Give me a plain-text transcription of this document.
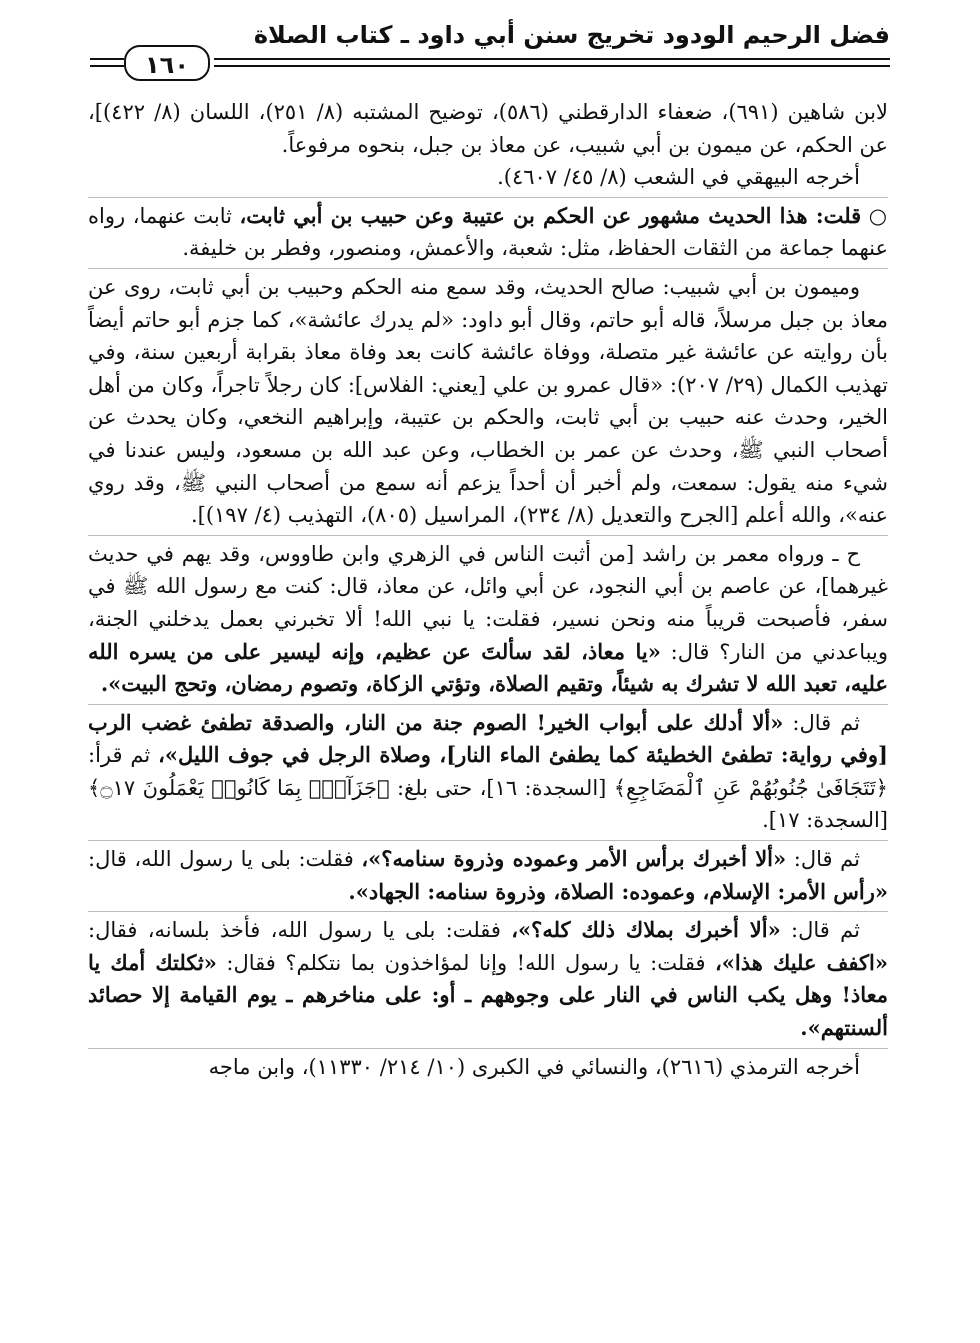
فضل الرحيم الودود تخريج سنن أبي داود ـ كتاب الصلاة
١٦٠

لابن شاهين (٦٩١)، ضعفاء الدارقطني (٥٨٦)، توضيح المشتبه (٨/ ٢٥١)، اللسان (٨/ ٤٢٢)]، عن الحكم، عن ميمون بن أبي شبيب، عن معاذ بن جبل، بنحوه مرفوعاً.

أخرجه البيهقي في الشعب (٨/ ٤٥/ ٤٦٠٧).

○ قلت: هذا الحديث مشهور عن الحكم بن عتيبة وعن حبيب بن أبي ثابت، ثابت عنهما، رواه عنهما جماعة من الثقات الحفاظ، مثل: شعبة، والأعمش، ومنصور، وفطر بن خليفة.

وميمون بن أبي شبيب: صالح الحديث، وقد سمع منه الحكم وحبيب بن أبي ثابت، روى عن معاذ بن جبل مرسلاً، قاله أبو حاتم، وقال أبو داود: «لم يدرك عائشة»، كما جزم أبو حاتم أيضاً بأن روايته عن عائشة غير متصلة، ووفاة عائشة كانت بعد وفاة معاذ بقرابة أربعين سنة، وفي تهذيب الكمال (٢٩/ ٢٠٧): «قال عمرو بن علي [يعني: الفلاس]: كان رجلاً تاجراً، وكان من أهل الخير، وحدث عنه حبيب بن أبي ثابت، والحكم بن عتيبة، وإبراهيم النخعي، وكان يحدث عن أصحاب النبي ﷺ، وحدث عن عمر بن الخطاب، وعن عبد الله بن مسعود، وليس عندنا في شيء منه يقول: سمعت، ولم أخبر أن أحداً يزعم أنه سمع من أصحاب النبي ﷺ، وقد روي عنه»، والله أعلم [الجرح والتعديل (٨/ ٢٣٤)، المراسيل (٨٠٥)، التهذيب (٤/ ١٩٧)].

ح ـ ورواه معمر بن راشد [من أثبت الناس في الزهري وابن طاووس، وقد يهم في حديث غيرهما]، عن عاصم بن أبي النجود، عن أبي وائل، عن معاذ، قال: كنت مع رسول الله ﷺ في سفر، فأصبحت قريباً منه ونحن نسير، فقلت: يا نبي الله! ألا تخبرني بعمل يدخلني الجنة، ويباعدني من النار؟ قال: «يا معاذ، لقد سألتَ عن عظيم، وإنه ليسير على من يسره الله عليه، تعبد الله لا تشرك به شيئاً، وتقيم الصلاة، وتؤتي الزكاة، وتصوم رمضان، وتحج البيت».

ثم قال: «ألا أدلك على أبواب الخير! الصوم جنة من النار، والصدقة تطفئ غضب الرب [وفي رواية: تطفئ الخطيئة كما يطفئ الماء النار]، وصلاة الرجل في جوف الليل»، ثم قرأ: ﴿تَتَجَافَىٰ جُنُوبُهُمْ عَنِ ٱلْمَضَاجِعِ﴾ [السجدة: ١٦]، حتى بلغ: ﴿جَزَآءًۢ بِمَا كَانُوا۟ يَعْمَلُونَ ۝١٧﴾ [السجدة: ١٧].

ثم قال: «ألا أخبرك برأس الأمر وعموده وذروة سنامه؟»، فقلت: بلى يا رسول الله، قال: «رأس الأمر: الإسلام، وعموده: الصلاة، وذروة سنامه: الجهاد».

ثم قال: «ألا أخبرك بملاك ذلك كله؟»، فقلت: بلى يا رسول الله، فأخذ بلسانه، فقال: «اكفف عليك هذا»، فقلت: يا رسول الله! وإنا لمؤاخذون بما نتكلم؟ فقال: «ثكلتك أمك يا معاذ! وهل يكب الناس في النار على وجوههم ـ أو: على مناخرهم ـ يوم القيامة إلا حصائد ألسنتهم».

أخرجه الترمذي (٢٦١٦)، والنسائي في الكبرى (١٠/ ٢١٤/ ١١٣٣٠)، وابن ماجه
